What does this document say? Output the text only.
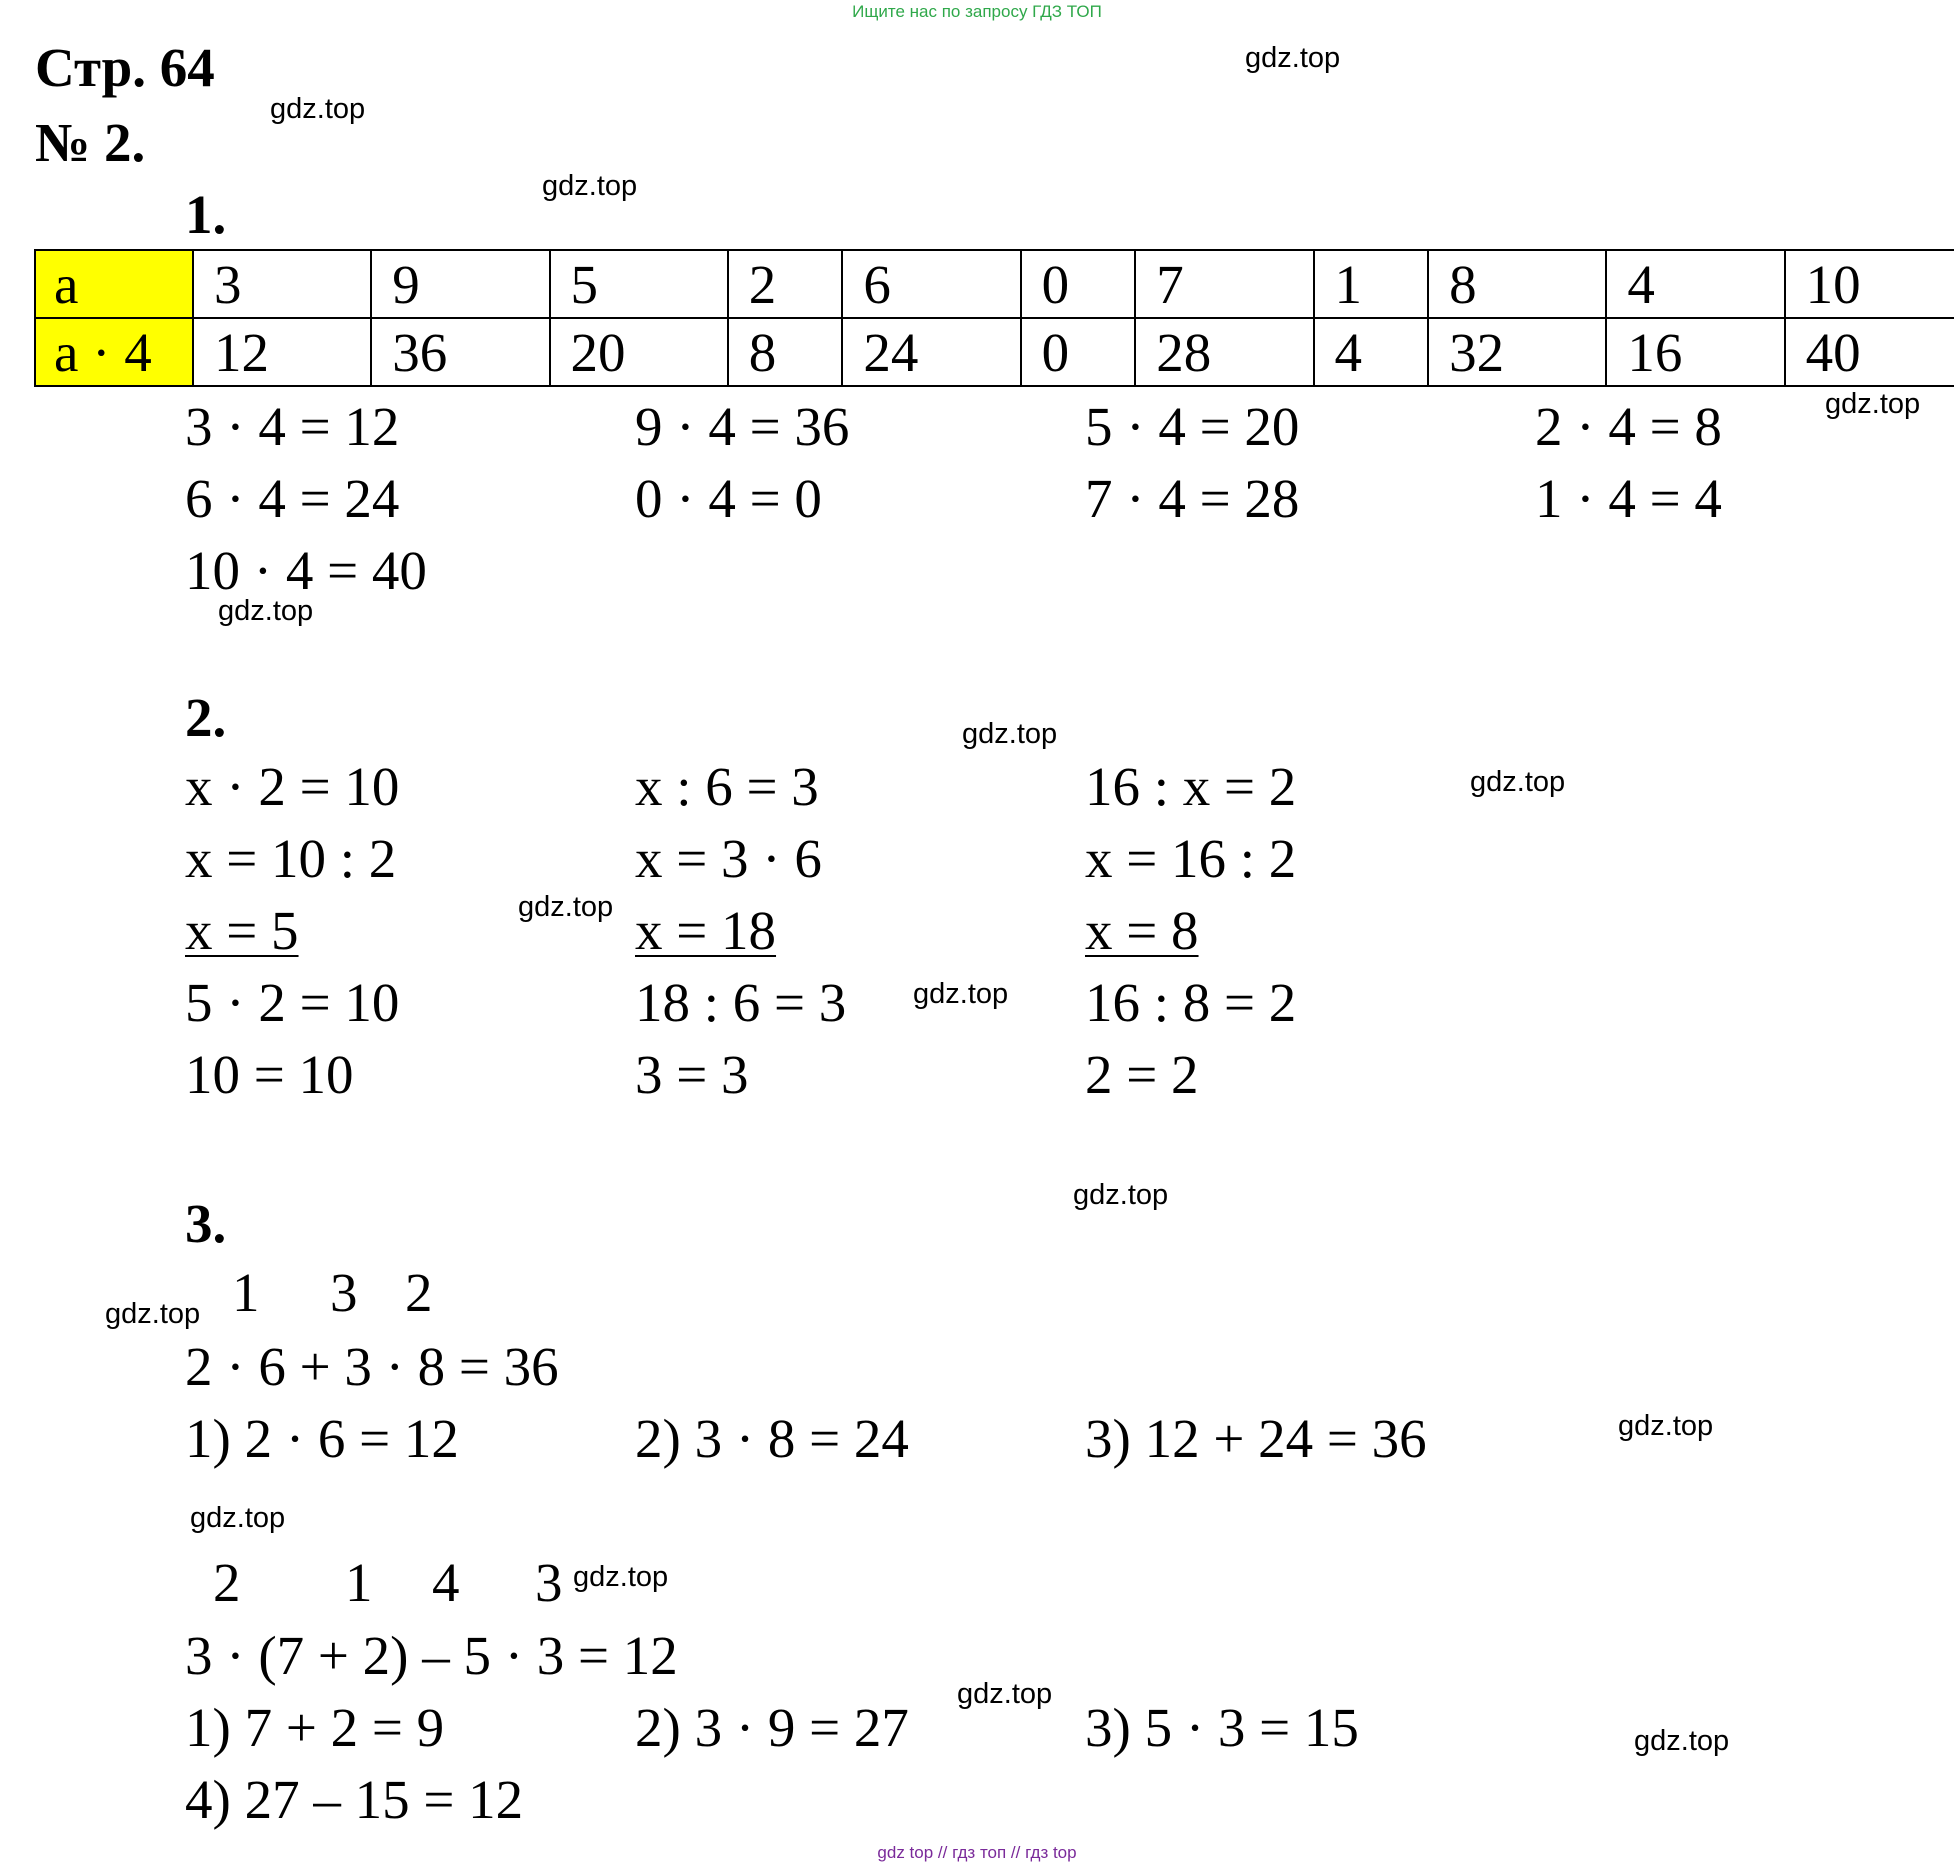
Ищите нас по запросу ГДЗ ТОП
gdz top // гдз топ // гдз top
Стр. 64
№ 2.
1.
a	3	9	5	2	6	0	7	1	8	4	10
a · 4	12	36	20	8	24	0	28	4	32	16	40
3 · 4 = 12	9 · 4 = 36	5 · 4 = 20	2 · 4 = 8
6 · 4 = 24	0 · 4 = 0	7 · 4 = 28	1 · 4 = 4
10 · 4 = 40
2.
x · 2 = 10
x = 10 : 2
x = 5
5 · 2 = 10
10 = 10
x : 6 = 3
x = 3 · 6
x = 18
18 : 6 = 3
3 = 3
16 : x = 2
x = 16 : 2
x = 8
16 : 8 = 2
2 = 2
3.
1 3 2
2 · 6 + 3 · 8 = 36
1) 2 · 6 = 12	2) 3 · 8 = 24	3) 12 + 24 = 36
2 1 4 3
3 · (7 + 2) – 5 · 3 = 12
1) 7 + 2 = 9	2) 3 · 9 = 27	3) 5 · 3 = 15
4) 27 – 15 = 12
gdz.top
gdz.top
gdz.top
gdz.top
gdz.top
gdz.top
gdz.top
gdz.top
gdz.top
gdz.top
gdz.top
gdz.top
gdz.top
gdz.top
gdz.top
gdz.top
